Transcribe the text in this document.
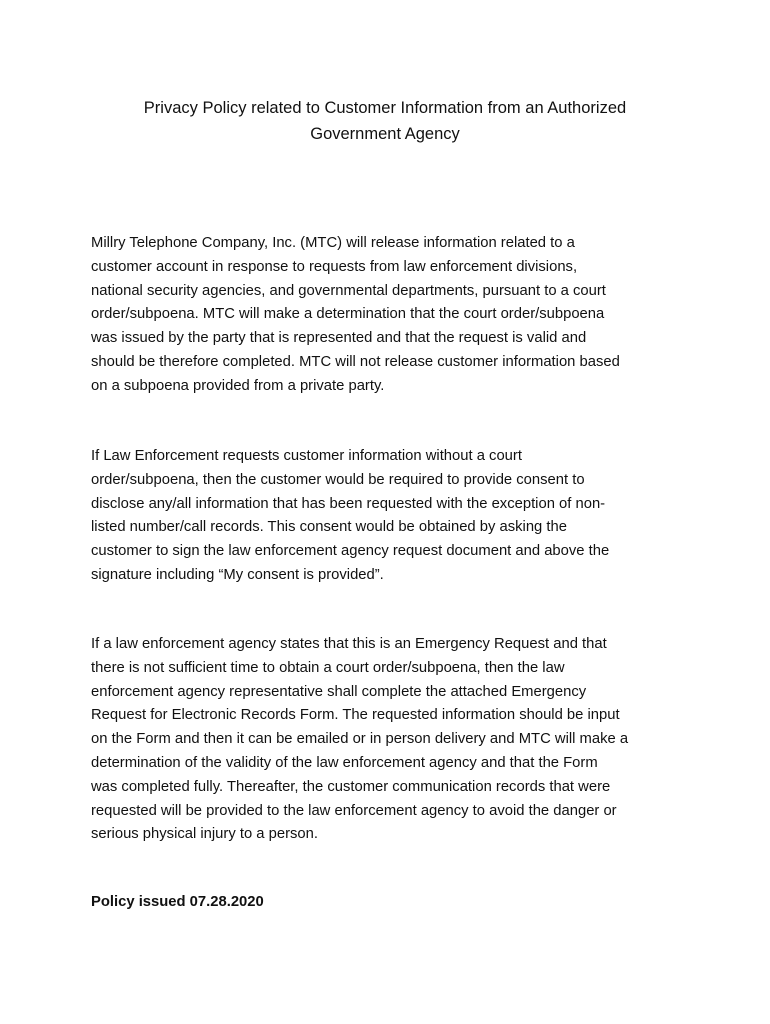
Privacy Policy related to Customer Information from an Authorized
Government Agency

Millry Telephone Company, Inc. (MTC) will release information related to a
customer account in response to requests from law enforcement divisions,
national security agencies, and governmental departments, pursuant to a court
order/subpoena. MTC will make a determination that the court order/subpoena
was issued by the party that is represented and that the request is valid and
should be therefore completed. MTC will not release customer information based
on a subpoena provided from a private party.

If Law Enforcement requests customer information without a court
order/subpoena, then the customer would be required to provide consent to
disclose any/all information that has been requested with the exception of non-
listed number/call records. This consent would be obtained by asking the
customer to sign the law enforcement agency request document and above the
signature including “My consent is provided”.

If a law enforcement agency states that this is an Emergency Request and that
there is not sufficient time to obtain a court order/subpoena, then the law
enforcement agency representative shall complete the attached Emergency
Request for Electronic Records Form. The requested information should be input
on the Form and then it can be emailed or in person delivery and MTC will make a
determination of the validity of the law enforcement agency and that the Form
was completed fully. Thereafter, the customer communication records that were
requested will be provided to the law enforcement agency to avoid the danger or
serious physical injury to a person.

Policy issued 07.28.2020
